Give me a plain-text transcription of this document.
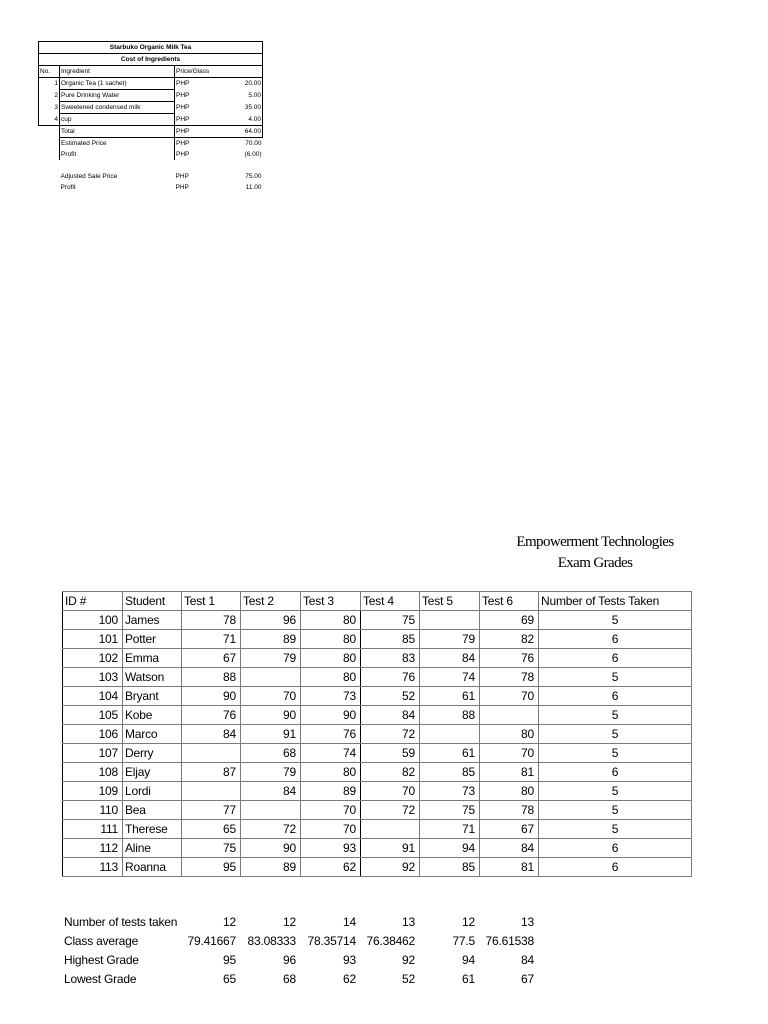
Starbuko Organic Milk Tea			
Cost of Ingredients			
No.	Ingredient	Price/Glass	
1	Organic Tea (1 sachet)	PHP	20.00
2	Pure Drinking Water	PHP	5.00
3	Sweetened condensed milk	PHP	35.00
4	cup	PHP	4.00
	Total	PHP	64.00
	Estimated Price	PHP	70.00
	Profit	PHP	(6.00)

	Adjusted Sale Price	PHP	75.00
	Profit	PHP	11.00
Empowerment Technologies
Exam Grades
ID #	Student	Test 1	Test 2	Test 3	Test 4	Test 5	Test 6	Number of Tests Taken
100	James	78	96	80	75		69	5
101	Potter	71	89	80	85	79	82	6
102	Emma	67	79	80	83	84	76	6
103	Watson	88		80	76	74	78	5
104	Bryant	90	70	73	52	61	70	6
105	Kobe	76	90	90	84	88		5
106	Marco	84	91	76	72		80	5
107	Derry		68	74	59	61	70	5
108	Eljay	87	79	80	82	85	81	6
109	Lordi		84	89	70	73	80	5
110	Bea	77		70	72	75	78	5
111	Therese	65	72	70		71	67	5
112	Aline	75	90	93	91	94	84	6
113	Roanna	95	89	62	92	85	81	6
Number of tests taken	12	12	14	13	12	13
Class average	79.41667	83.08333	78.35714	76.38462	77.5	76.61538
Highest Grade	95	96	93	92	94	84
Lowest Grade	65	68	62	52	61	67
